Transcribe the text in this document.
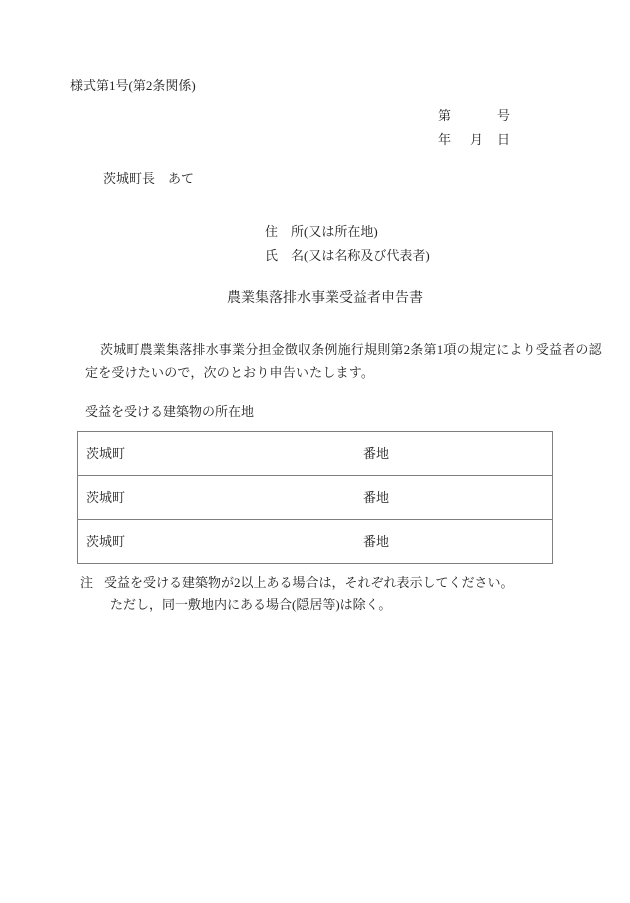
様式第1号(第2条関係)
第	号
年 月 日
茨城町長　あて
住　所(又は所在地)
氏　名(又は名称及び代表者)
農業集落排水事業受益者申告書
茨城町農業集落排水事業分担金徴収条例施行規則第2条第1項の規定により受益者の認
定を受けたいので，次のとおり申告いたします。
受益を受ける建築物の所在地
茨城町	番地
茨城町	番地
茨城町	番地
注 受益を受ける建築物が2以上ある場合は，それぞれ表示してください。
ただし，同一敷地内にある場合(隠居等)は除く。
